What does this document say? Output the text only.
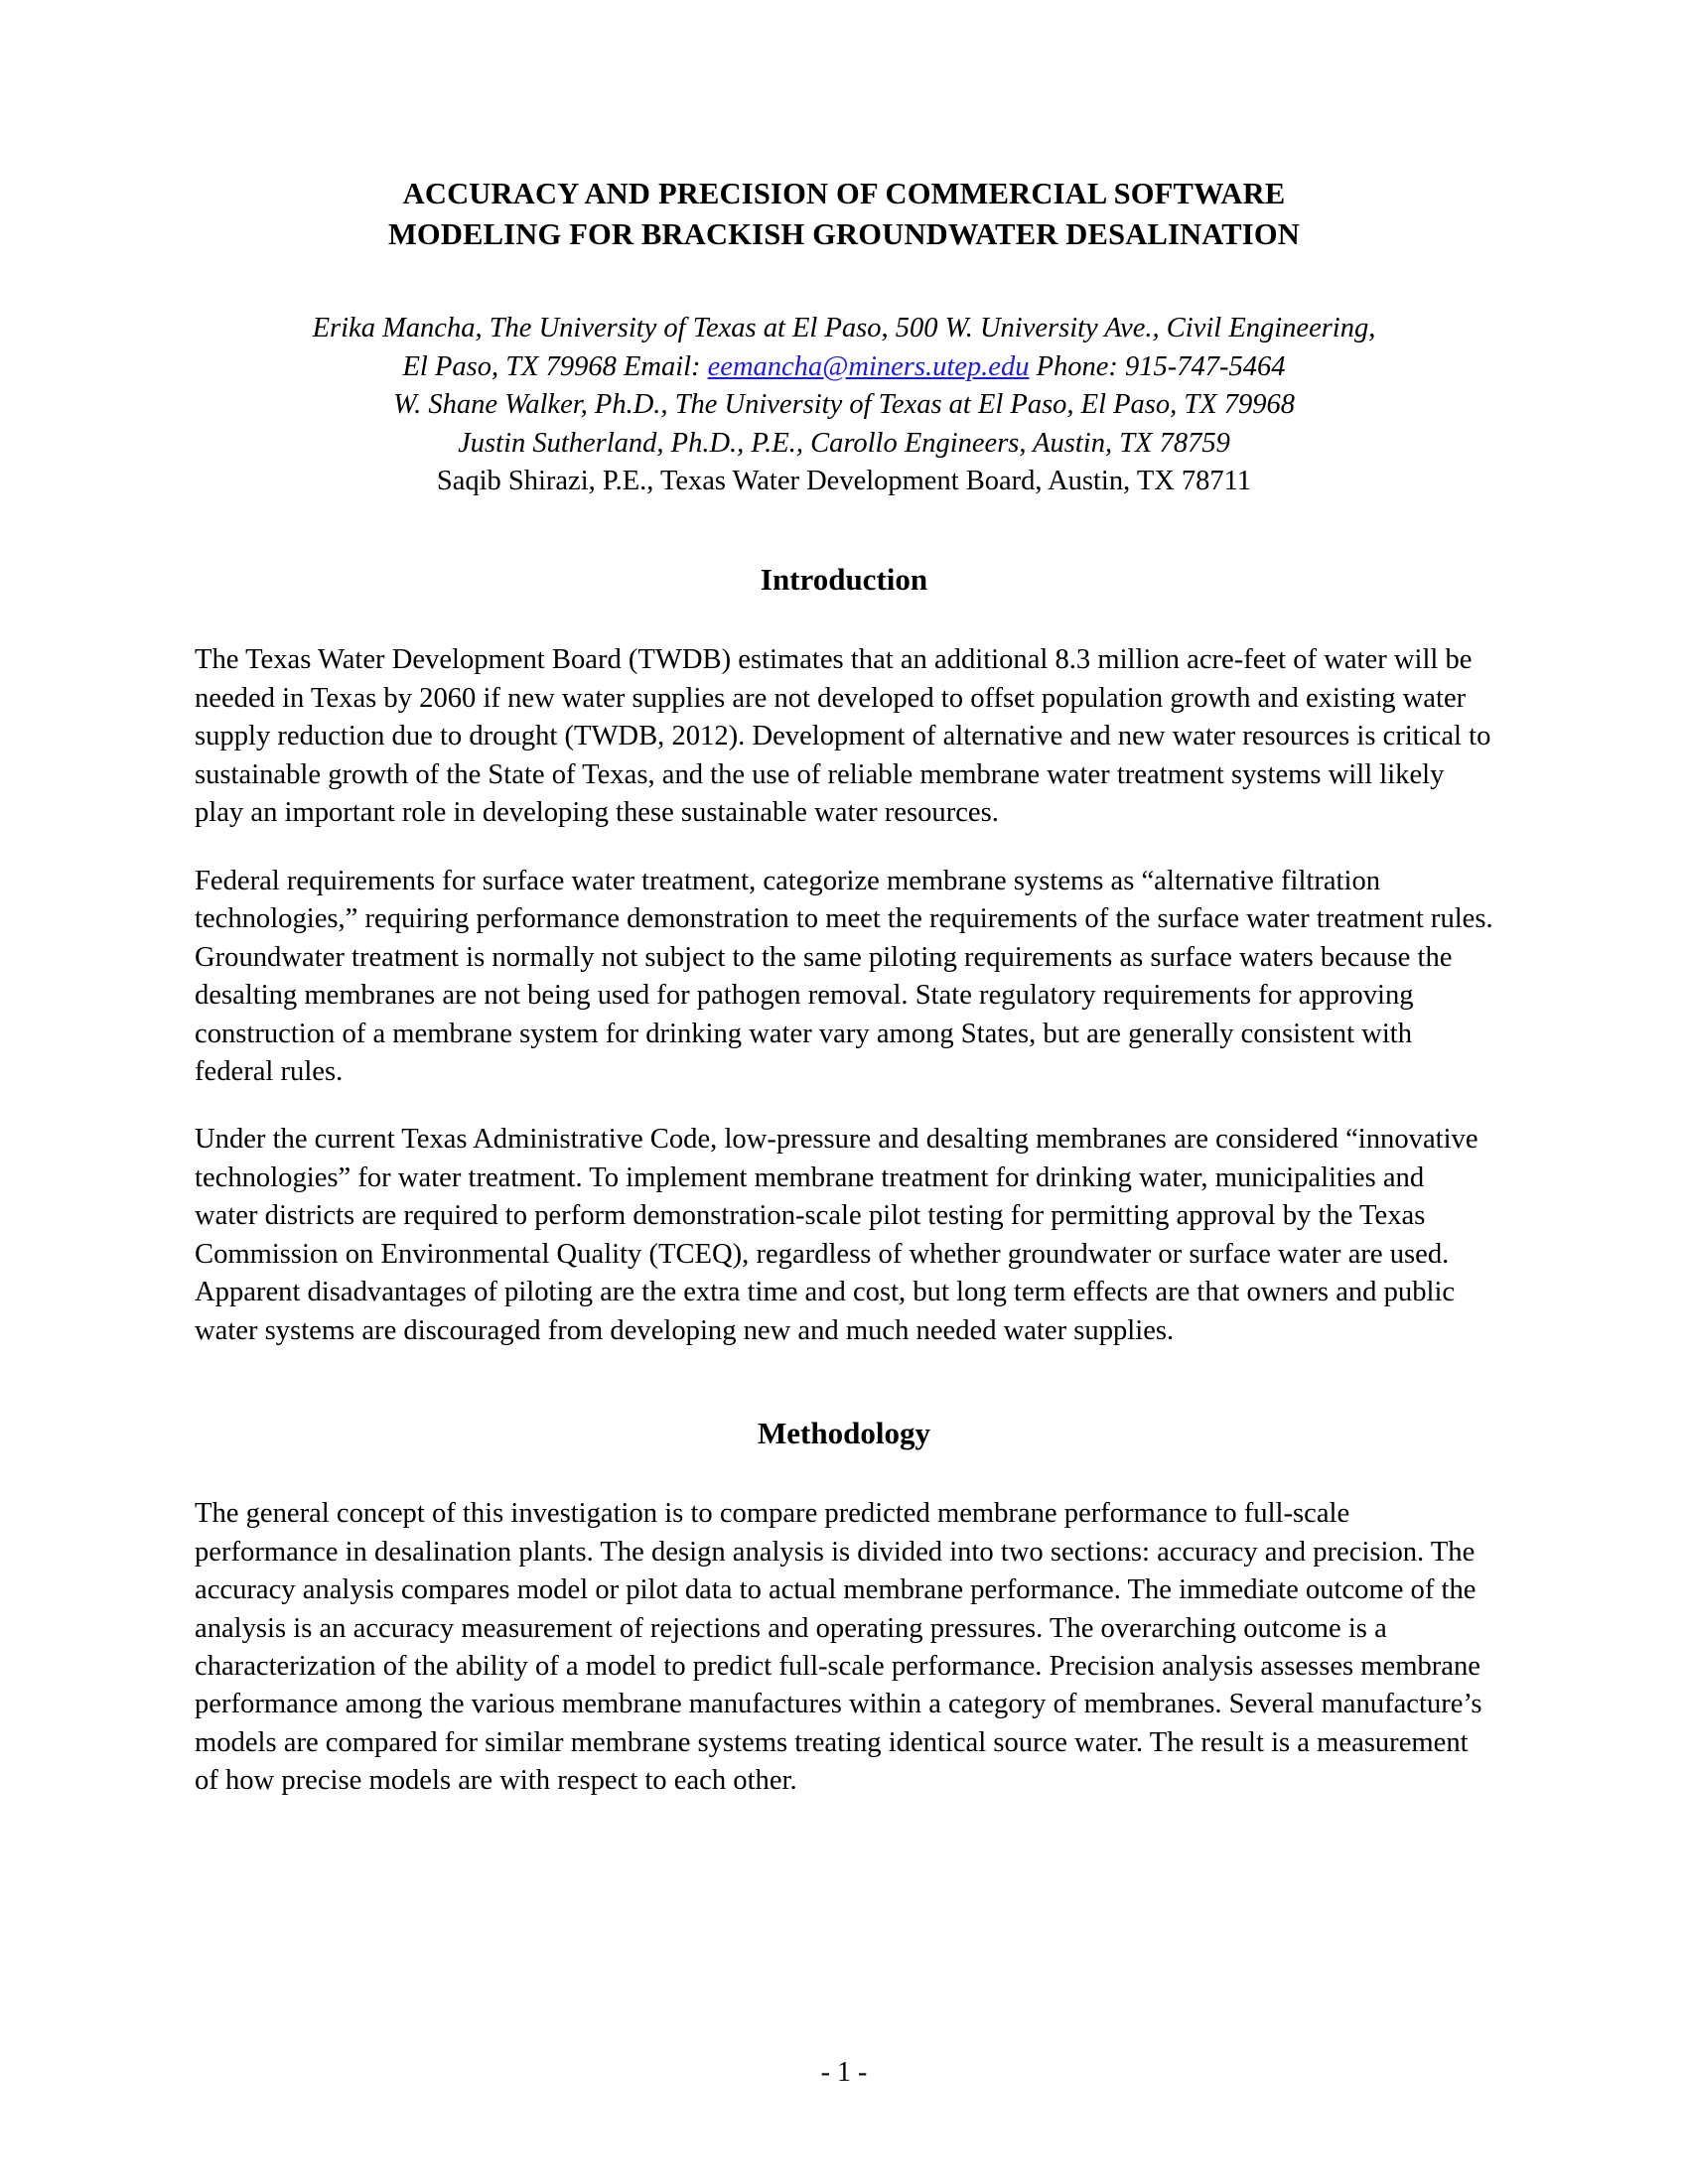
ACCURACY AND PRECISION OF COMMERCIAL SOFTWARE
MODELING FOR BRACKISH GROUNDWATER DESALINATION
Erika Mancha, The University of Texas at El Paso, 500 W. University Ave., Civil Engineering,
El Paso, TX 79968 Email: eemancha@miners.utep.edu Phone: 915-747-5464
W. Shane Walker, Ph.D., The University of Texas at El Paso, El Paso, TX 79968
Justin Sutherland, Ph.D., P.E., Carollo Engineers, Austin, TX 78759
Saqib Shirazi, P.E., Texas Water Development Board, Austin, TX 78711
Introduction

The Texas Water Development Board (TWDB) estimates that an additional 8.3 million acre-feet of water will be needed in Texas by 2060 if new water supplies are not developed to offset population growth and existing water supply reduction due to drought (TWDB, 2012). Development of alternative and new water resources is critical to sustainable growth of the State of Texas, and the use of reliable membrane water treatment systems will likely play an important role in developing these sustainable water resources.

Federal requirements for surface water treatment, categorize membrane systems as “alternative filtration technologies,” requiring performance demonstration to meet the requirements of the surface water treatment rules. Groundwater treatment is normally not subject to the same piloting requirements as surface waters because the desalting membranes are not being used for pathogen removal. State regulatory requirements for approving construction of a membrane system for drinking water vary among States, but are generally consistent with federal rules.

Under the current Texas Administrative Code, low-pressure and desalting membranes are considered “innovative technologies” for water treatment. To implement membrane treatment for drinking water, municipalities and water districts are required to perform demonstration-scale pilot testing for permitting approval by the Texas Commission on Environmental Quality (TCEQ), regardless of whether groundwater or surface water are used. Apparent disadvantages of piloting are the extra time and cost, but long term effects are that owners and public water systems are discouraged from developing new and much needed water supplies.

Methodology

The general concept of this investigation is to compare predicted membrane performance to full-scale performance in desalination plants. The design analysis is divided into two sections: accuracy and precision. The accuracy analysis compares model or pilot data to actual membrane performance. The immediate outcome of the analysis is an accuracy measurement of rejections and operating pressures. The overarching outcome is a characterization of the ability of a model to predict full-scale performance. Precision analysis assesses membrane performance among the various membrane manufactures within a category of membranes. Several manufacture’s models are compared for similar membrane systems treating identical source water. The result is a measurement of how precise models are with respect to each other.

- 1 -
